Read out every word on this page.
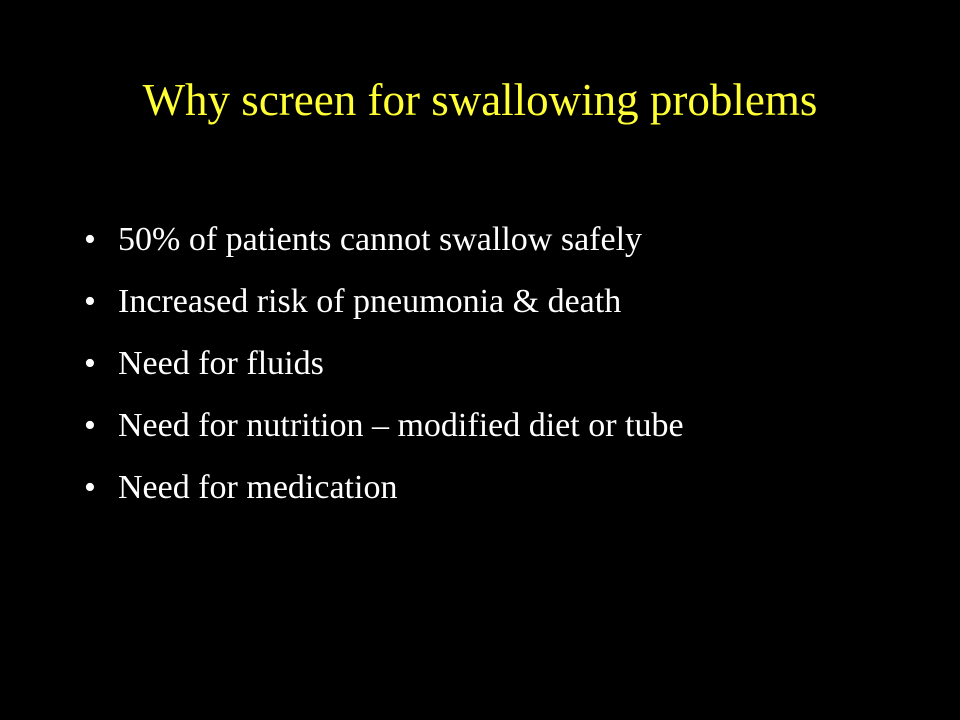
Why screen for swallowing problems
• 50% of patients cannot swallow safely
• Increased risk of pneumonia & death
• Need for fluids
• Need for nutrition – modified diet or tube
• Need for medication
